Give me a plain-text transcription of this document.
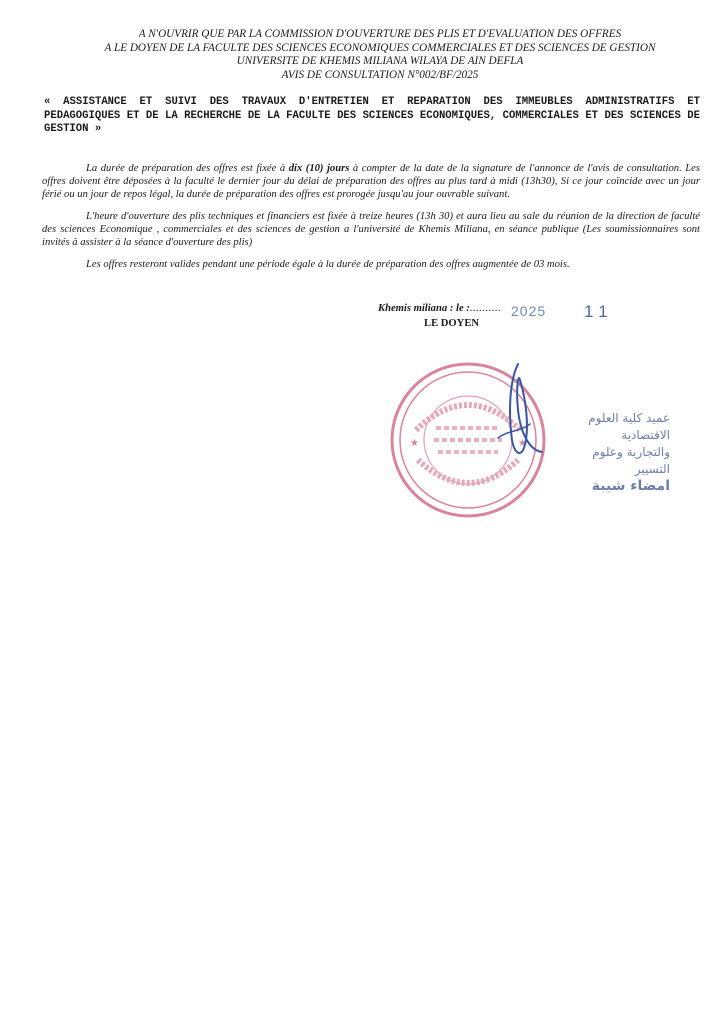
A N'OUVRIR QUE PAR LA COMMISSION D'OUVERTURE DES PLIS ET D'EVALUATION DES OFFRES
A LE DOYEN DE LA FACULTE DES SCIENCES ECONOMIQUES COMMERCIALES ET DES SCIENCES DE GESTION
UNIVERSITE DE KHEMIS MILIANA WILAYA DE AIN DEFLA
AVIS DE CONSULTATION N°002/BF/2025
« ASSISTANCE ET SUIVI DES TRAVAUX D'ENTRETIEN ET REPARATION DES IMMEUBLES ADMINISTRATIFS ET PEDAGOGIQUES ET DE LA RECHERCHE DE LA FACULTE DES SCIENCES ECONOMIQUES, COMMERCIALES ET DES SCIENCES DE GESTION »

La durée de préparation des offres est fixée à dix (10) jours à compter de la date de la signature de l'annonce de l'avis de consultation. Les offres doivent être déposées à la faculté le dernier jour du délai de préparation des offres au plus tard à midi (13h30), Si ce jour coïncide avec un jour férié ou un jour de repos légal, la durée de préparation des offres est prorogée jusqu'au jour ouvrable suivant.

L'heure d'ouverture des plis techniques et financiers est fixée à treize heures (13h 30) et aura lieu au sale du réunion de la direction de faculté des sciences Economique , commerciales et des sciences de gestion a l'université de Khemis Miliana, en séance publique (Les soumissionnaires sont invités à assister à la séance d'ouverture des plis)

Les offres resteront valides pendant une période égale à la durée de préparation des offres augmentée de 03 mois.

Khemis miliana : le :.......... 2025 11
LE DOYEN
★	★
عميد كلية العلوم الاقتصادية
والتجارية وعلوم التسيير
امضاء شيبة
